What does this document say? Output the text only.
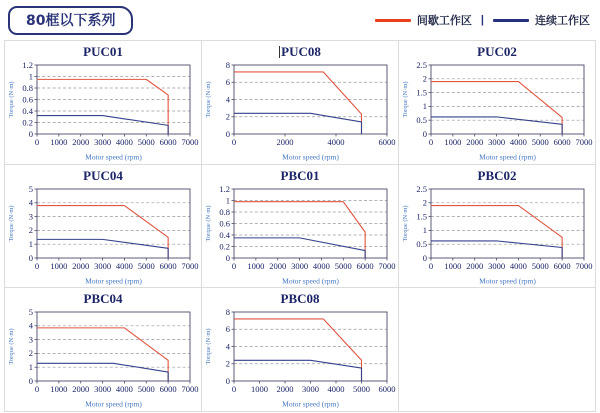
80框以下系列	间歇工作区 |	连续工作区
PUC01
0
0.2
0.4
0.6
0.8
1
1.2
0 1000 2000 3000 4000 5000 6000 7000
Torque (N·m)
Motor speed (rpm)
PUC08
0
2
4
6
8
0	2000	4000	6000
Torque (N·m)
Motor speed (rpm)
PUC02
0
0.5
1
1.5
2
2.5
0 1000 2000 3000 4000 5000 6000 7000
Torque (N·m)
Motor speed (rpm)
PUC04
0
1
2
3
4
5
0 1000 2000 3000 4000 5000 6000 7000
Torque (N·m)
Motor speed (rpm)
PBC01
0
0.2
0.4
0.6
0.8
1
1.2
0 1000 2000 3000 4000 5000 6000 7000
Torque (N·m)
Motor speed (rpm)
PBC02
0
0.5
1
1.5
2
2.5
0 1000 2000 3000 4000 5000 6000 7000
Torque (N·m)
Motor speed (rpm)
PBC04
0
1
2
3
4
5
0 1000 2000 3000 4000 5000 6000 7000
Torque (N·m)
Motor speed (rpm)
PBC08
0
2
4
6
8
0 1000 2000 3000 4000 5000 6000
Torque (N·m)
Motor speed (rpm)
